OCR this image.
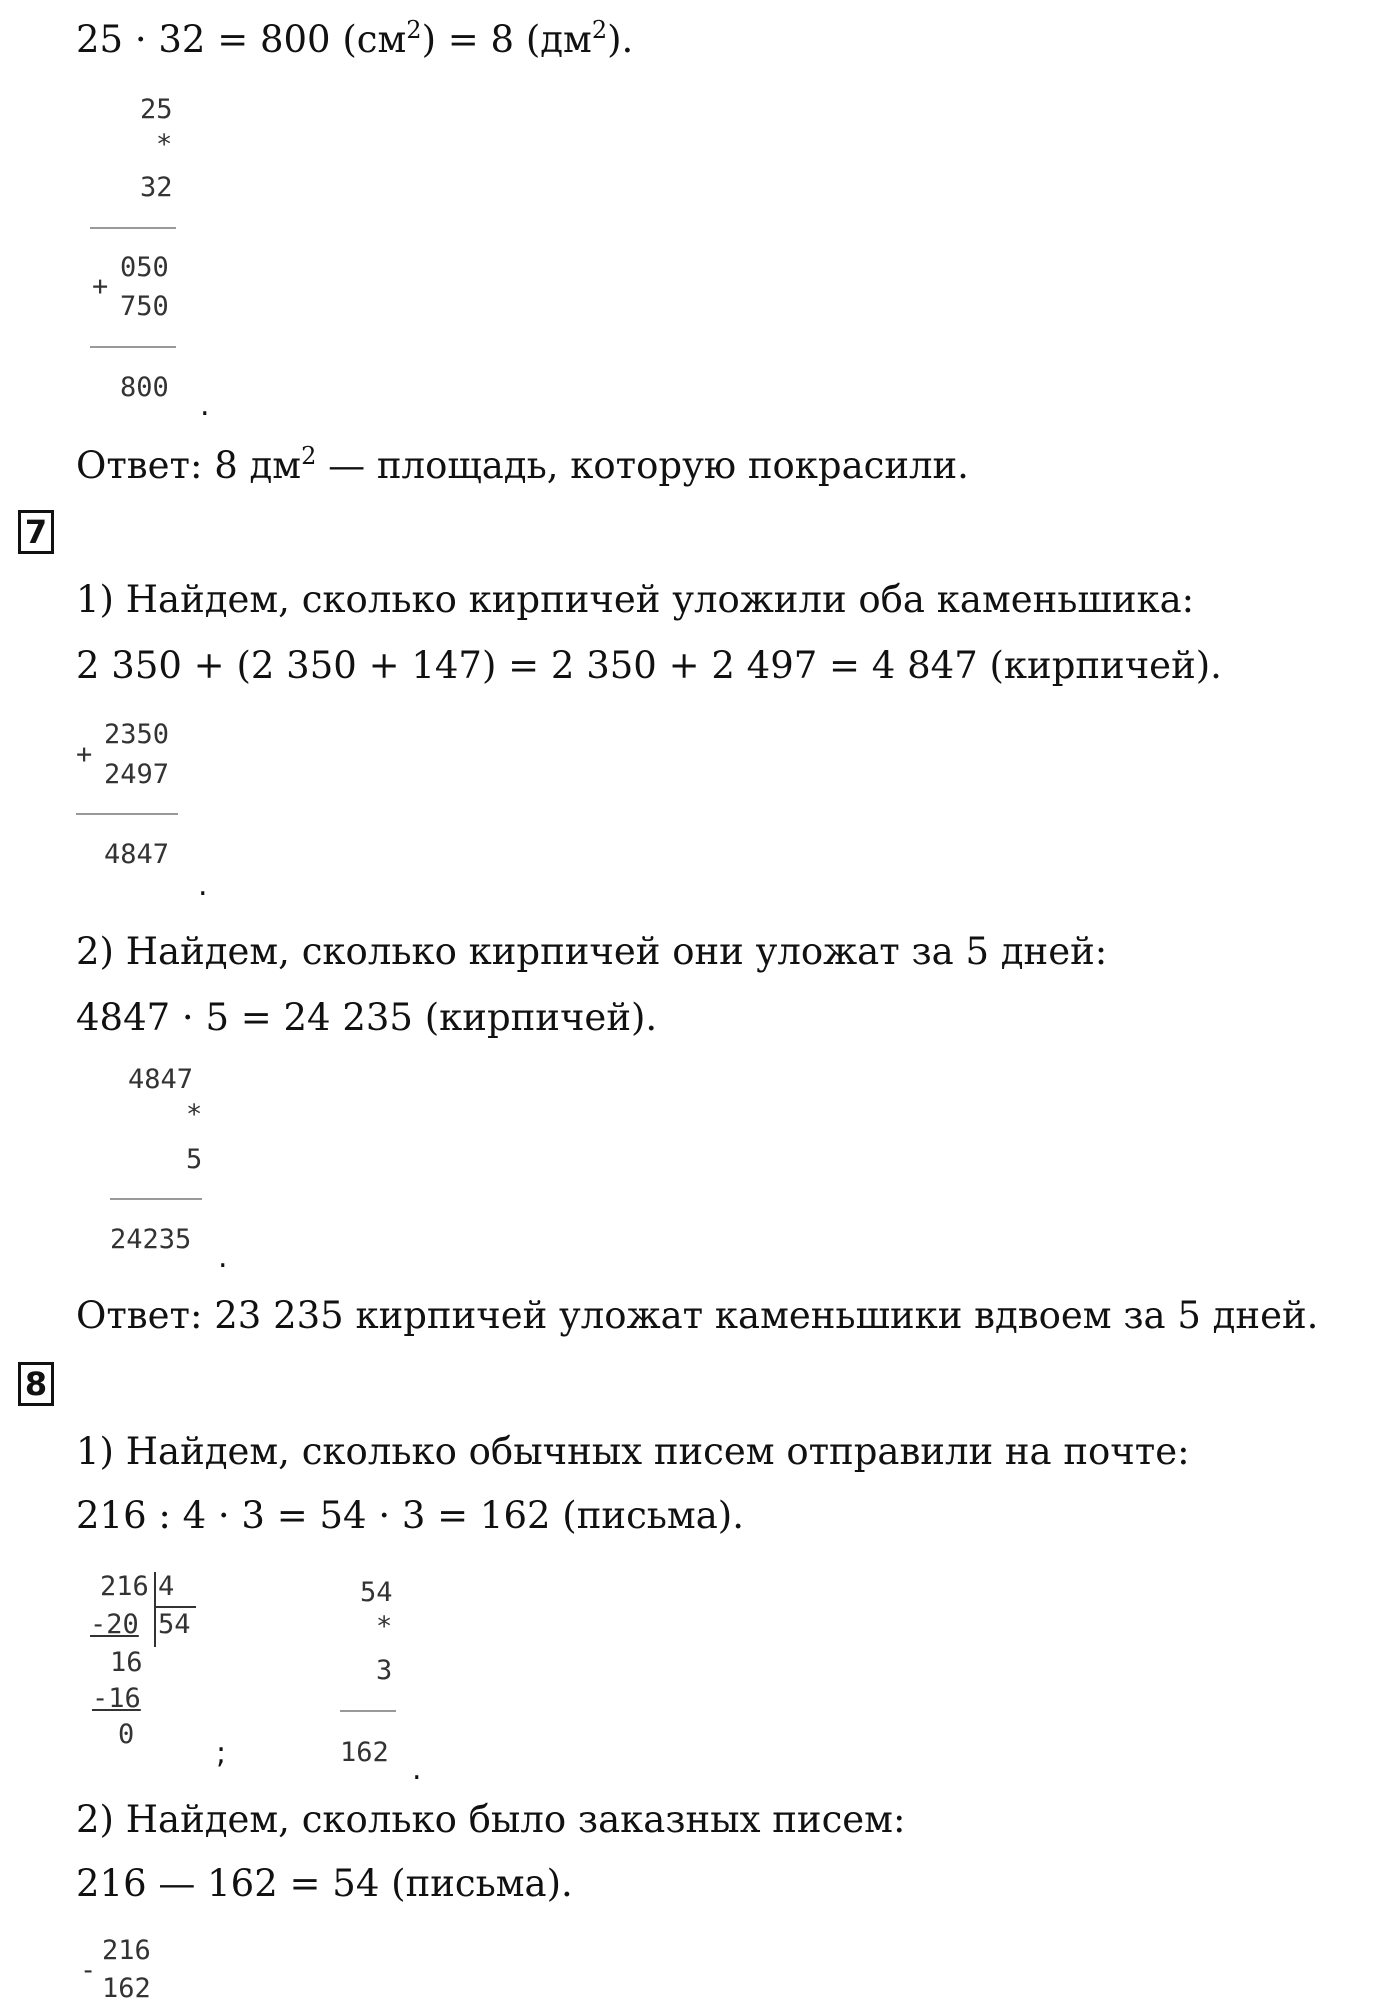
25 · 32 = 800 $(см^2) = 8$ $(дм^2)$.
25
*
32
050
+
750
800
.
Ответ: 8 $дм^2$ — площадь, которую покрасили.
7
1) Найдем, сколько кирпичей уложили оба каменьшика:
2 350 + (2 350 + 147) = 2 350 + 2 497 = 4 847 (кирпичей).
2350
+
2497
4847
.
2) Найдем, сколько кирпичей они уложат за 5 дней:
4847 · 5 = 24 235 (кирпичей).
4847
*
5
24235
.
Ответ: 23 235 кирпичей уложат каменьшики вдвоем за 5 дней.
8
1) Найдем, сколько обычных писем отправили на почте:
216 : 4 · 3 = 54 · 3 = 162 (письма).
216 4
-20 54
16
-16
0
;
54
*
3
162 .
2) Найдем, сколько было заказных писем:
216 — 162 = 54 (письма).
216
-
162
